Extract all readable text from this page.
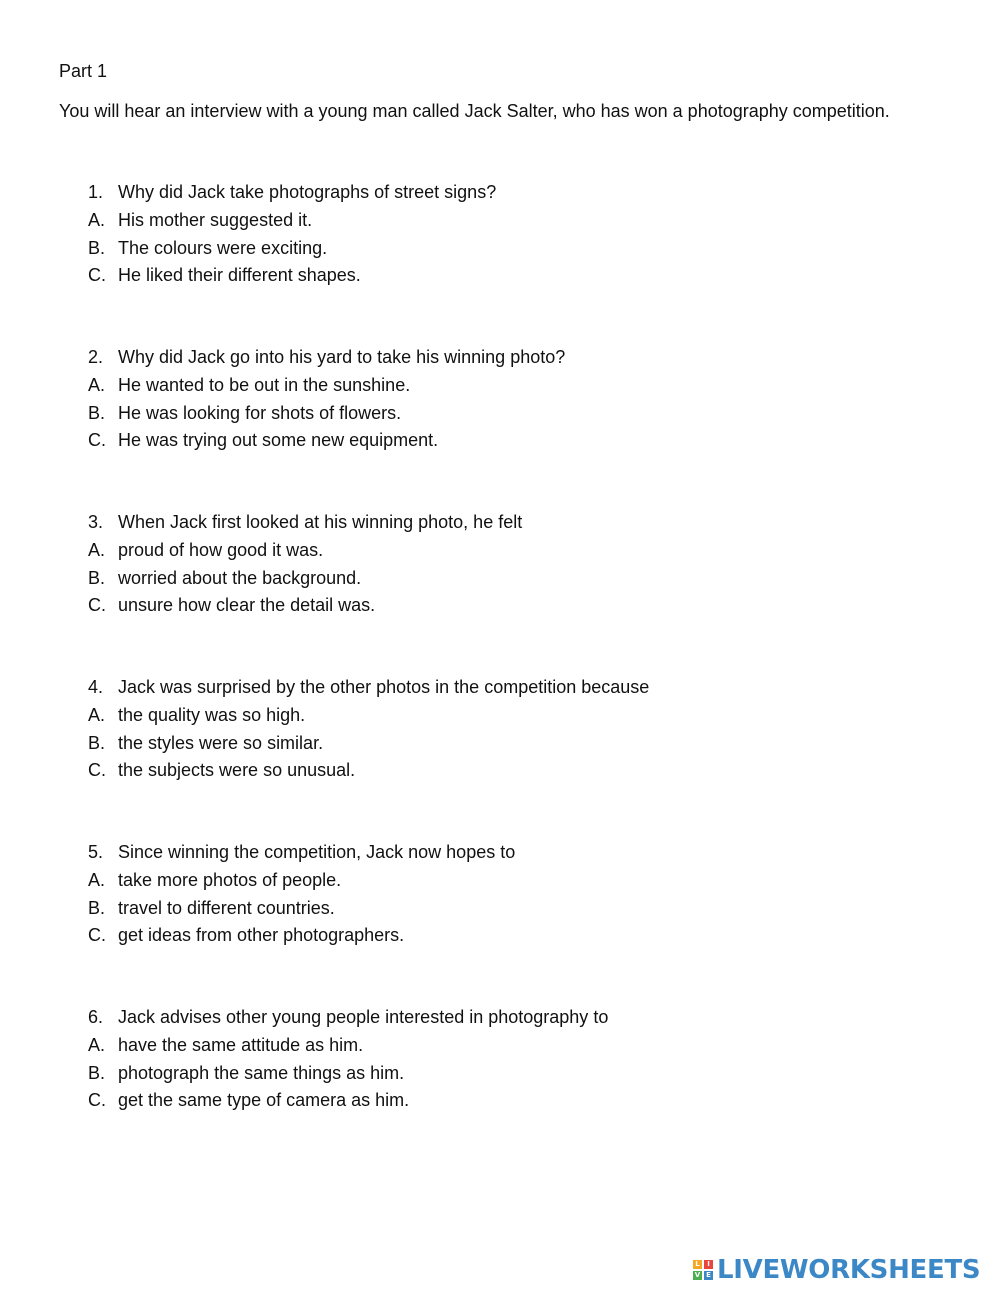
Part 1
You will hear an interview with a young man called Jack Salter, who has won a photography competition.
1. Why did Jack take photographs of street signs?
A. His mother suggested it.
B. The colours were exciting.
C. He liked their different shapes.
2. Why did Jack go into his yard to take his winning photo?
A. He wanted to be out in the sunshine.
B. He was looking for shots of flowers.
C. He was trying out some new equipment.
3. When Jack first looked at his winning photo, he felt
A. proud of how good it was.
B. worried about the background.
C. unsure how clear the detail was.
4. Jack was surprised by the other photos in the competition because
A. the quality was so high.
B. the styles were so similar.
C. the subjects were so unusual.
5. Since winning the competition, Jack now hopes to
A. take more photos of people.
B. travel to different countries.
C. get ideas from other photographers.
6. Jack advises other young people interested in photography to
A. have the same attitude as him.
B. photograph the same things as him.
C. get the same type of camera as him.
L	I
V E LIVEWORKSHEETS
